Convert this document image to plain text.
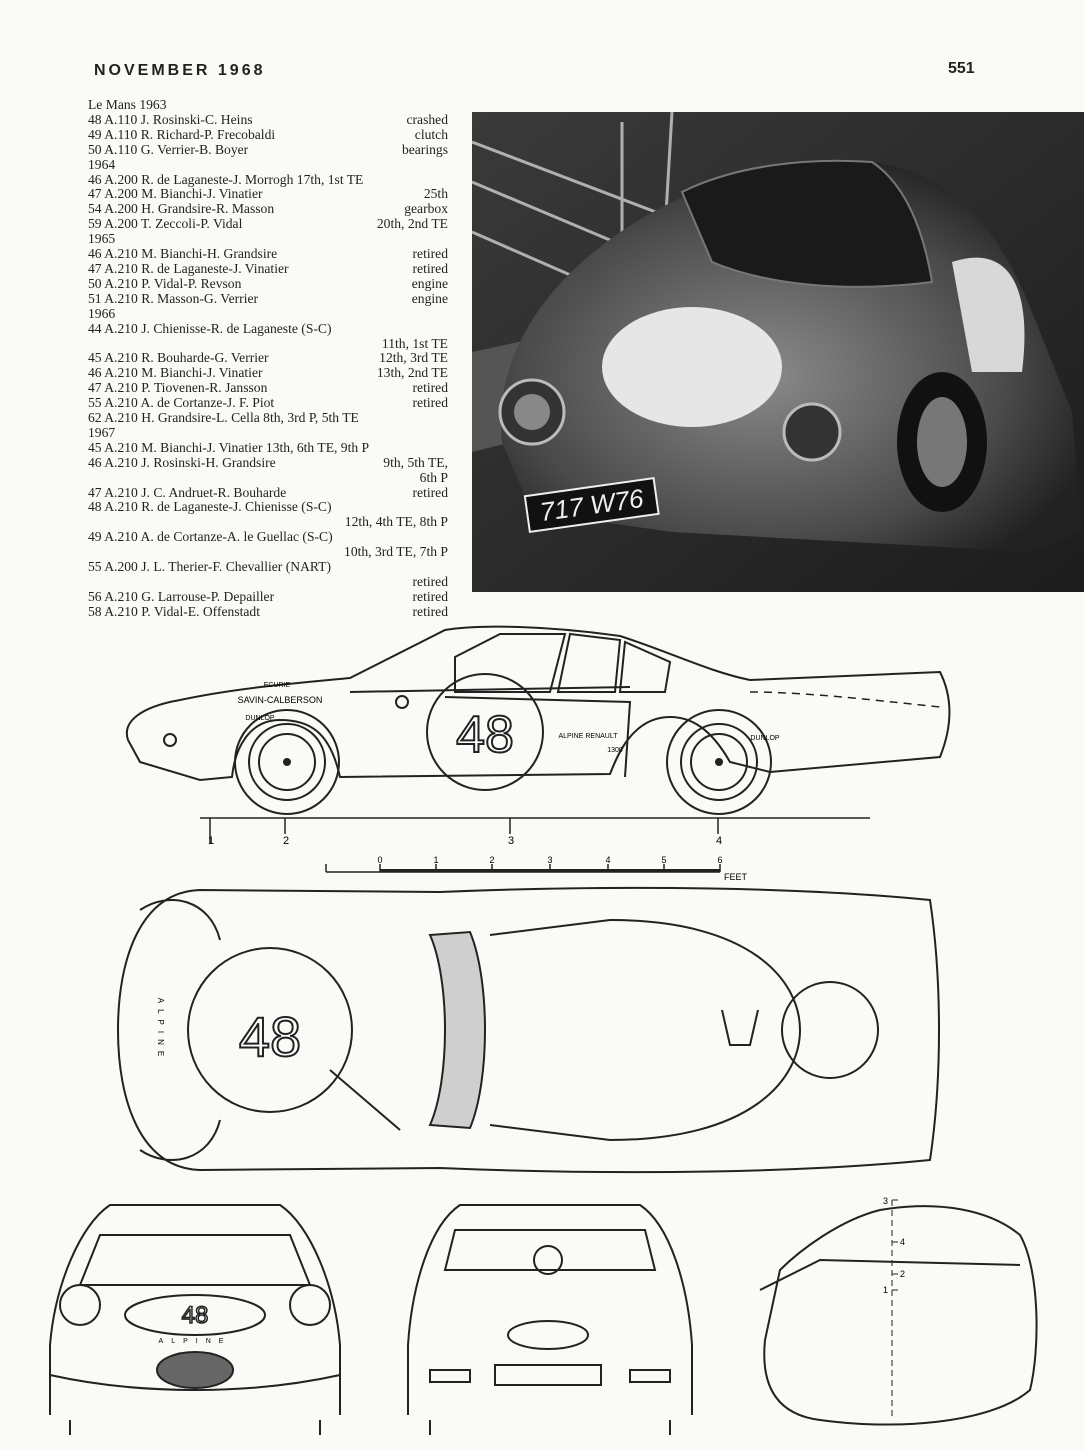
NOVEMBER 1968	551
Le Mans 1963
48 A.110 J. Rosinski-C. Heins	crashed
49 A.110 R. Richard-P. Frecobaldi	clutch
50 A.110 G. Verrier-B. Boyer	bearings
1964
46 A.200 R. de Laganeste-J. Morrogh 17th, 1st TE
47 A.200 M. Bianchi-J. Vinatier	25th
54 A.200 H. Grandsire-R. Masson	gearbox
59 A.200 T. Zeccoli-P. Vidal	20th, 2nd TE
1965
46 A.210 M. Bianchi-H. Grandsire	retired
47 A.210 R. de Laganeste-J. Vinatier	retired
50 A.210 P. Vidal-P. Revson	engine
51 A.210 R. Masson-G. Verrier	engine
1966
44 A.210 J. Chienisse-R. de Laganeste (S-C)
11th, 1st TE
45 A.210 R. Bouharde-G. Verrier	12th, 3rd TE
46 A.210 M. Bianchi-J. Vinatier	13th, 2nd TE
47 A.210 P. Tiovenen-R. Jansson	retired
55 A.210 A. de Cortanze-J. F. Piot	retired
62 A.210 H. Grandsire-L. Cella 8th, 3rd P, 5th TE
1967
45 A.210 M. Bianchi-J. Vinatier 13th, 6th TE, 9th P
46 A.210 J. Rosinski-H. Grandsire	9th, 5th TE,
6th P
47 A.210 J. C. Andruet-R. Bouharde	retired
48 A.210 R. de Laganeste-J. Chienisse (S-C)
12th, 4th TE, 8th P
49 A.210 A. de Cortanze-A. le Guellac (S-C)
10th, 3rd TE, 7th P
55 A.200 J. L. Therier-F. Chevallier (NART)
retired
56 A.210 G. Larrouse-P. Depailler	retired
58 A.210 P. Vidal-E. Offenstadt	retired
717 W76
48
ECURIE
SAVIN-CALBERSON
DUNLOP
ALPINE RENAULT
1300
DUNLOP
1	2	3	4
0	1	2	3	4	5	6
FEET
48
ALPINE
48
ALPINE
3
4
2
1
